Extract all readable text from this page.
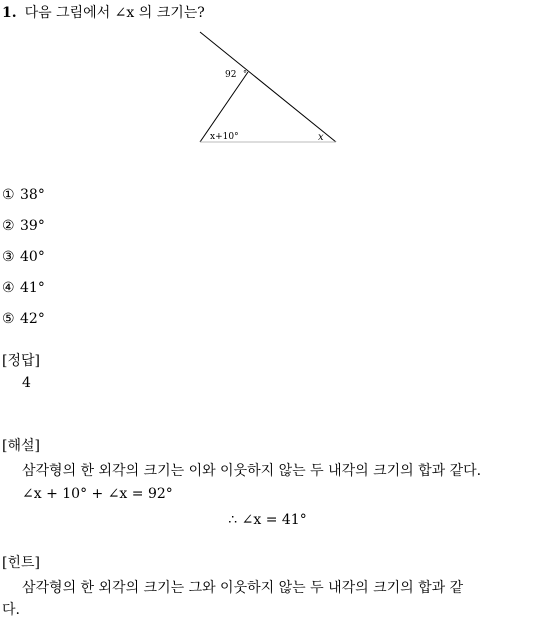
1. 다음 그림에서 ∠x 의 크기는?
92 °
x+10°	x
① 38°
② 39°
③ 40°
④ 41°
⑤ 42°
[정답]
4
[해설]
삼각형의 한 외각의 크기는 이와 이웃하지 않는 두 내각의 크기의 합과 같다.
∠x + 10° + ∠x = 92°
∴ ∠x = 41°
[힌트]
삼각형의 한 외각의 크기는 그와 이웃하지 않는 두 내각의 크기의 합과 같
다.
